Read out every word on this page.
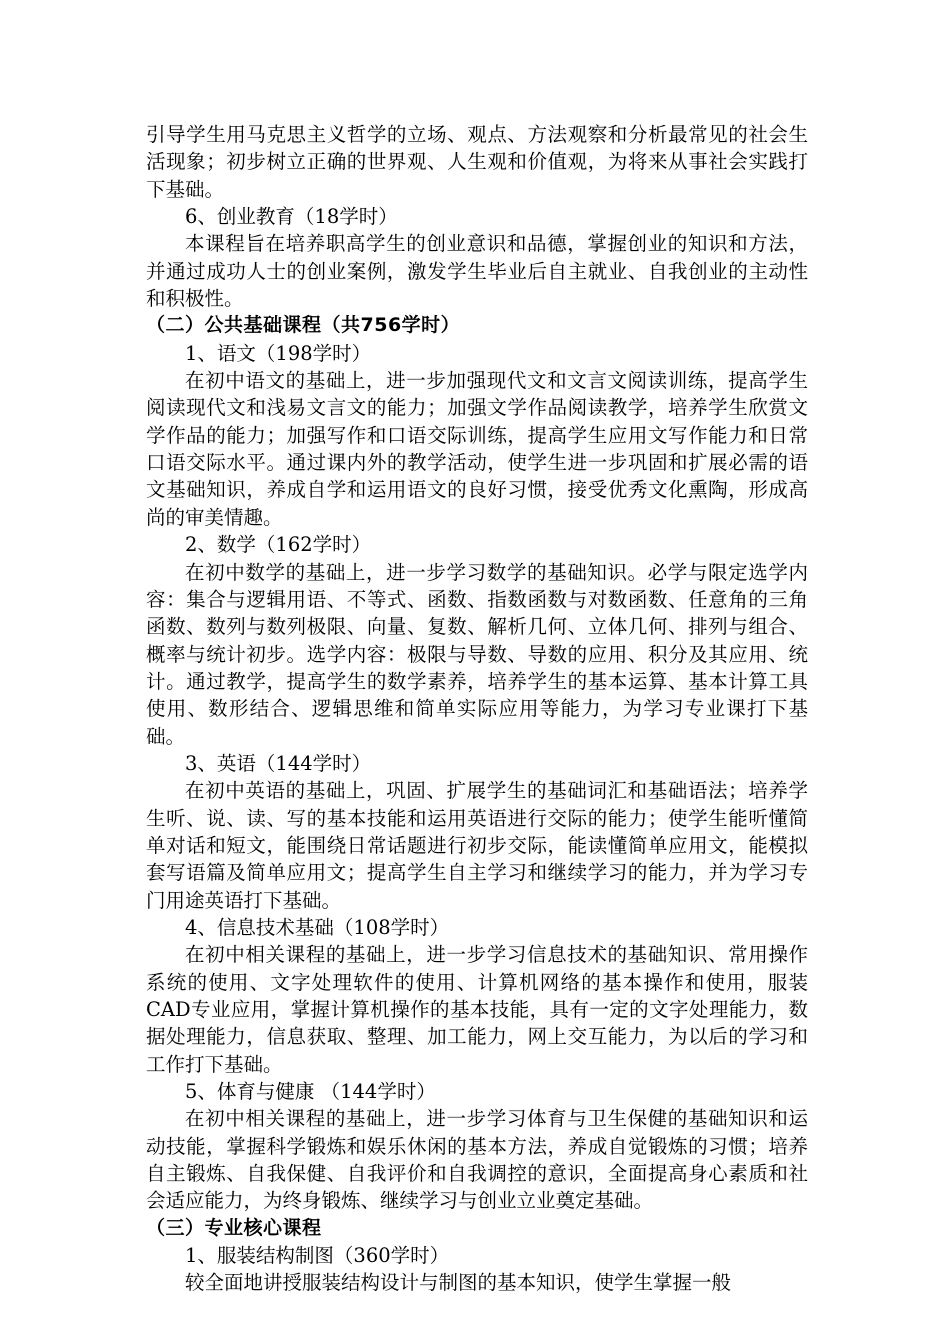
引导学生用马克思主义哲学的立场、观点、方法观察和分析最常见的社会生活现象；初步树立正确的世界观、人生观和价值观，为将来从事社会实践打下基础。

6、创业教育（18学时）

本课程旨在培养职高学生的创业意识和品德，掌握创业的知识和方法，并通过成功人士的创业案例，激发学生毕业后自主就业、自我创业的主动性和积极性。

（二）公共基础课程（共756学时）

1、语文（198学时）

在初中语文的基础上，进一步加强现代文和文言文阅读训练，提高学生阅读现代文和浅易文言文的能力；加强文学作品阅读教学，培养学生欣赏文学作品的能力；加强写作和口语交际训练，提高学生应用文写作能力和日常口语交际水平。通过课内外的教学活动，使学生进一步巩固和扩展必需的语文基础知识，养成自学和运用语文的良好习惯，接受优秀文化熏陶，形成高尚的审美情趣。

2、数学（162学时）

在初中数学的基础上，进一步学习数学的基础知识。必学与限定选学内容：集合与逻辑用语、不等式、函数、指数函数与对数函数、任意角的三角函数、数列与数列极限、向量、复数、解析几何、立体几何、排列与组合、概率与统计初步。选学内容：极限与导数、导数的应用、积分及其应用、统计。通过教学，提高学生的数学素养，培养学生的基本运算、基本计算工具使用、数形结合、逻辑思维和简单实际应用等能力，为学习专业课打下基础。

3、英语（144学时）

在初中英语的基础上，巩固、扩展学生的基础词汇和基础语法；培养学生听、说、读、写的基本技能和运用英语进行交际的能力；使学生能听懂简单对话和短文，能围绕日常话题进行初步交际，能读懂简单应用文，能模拟套写语篇及简单应用文；提高学生自主学习和继续学习的能力，并为学习专门用途英语打下基础。

4、信息技术基础（108学时）

在初中相关课程的基础上，进一步学习信息技术的基础知识、常用操作系统的使用、文字处理软件的使用、计算机网络的基本操作和使用，服装CAD专业应用，掌握计算机操作的基本技能，具有一定的文字处理能力，数据处理能力，信息获取、整理、加工能力，网上交互能力，为以后的学习和工作打下基础。

5、体育与健康 （144学时）

在初中相关课程的基础上，进一步学习体育与卫生保健的基础知识和运动技能，掌握科学锻炼和娱乐休闲的基本方法，养成自觉锻炼的习惯；培养自主锻炼、自我保健、自我评价和自我调控的意识，全面提高身心素质和社会适应能力，为终身锻炼、继续学习与创业立业奠定基础。

（三）专业核心课程

1、服装结构制图（360学时）

较全面地讲授服装结构设计与制图的基本知识，使学生掌握一般
